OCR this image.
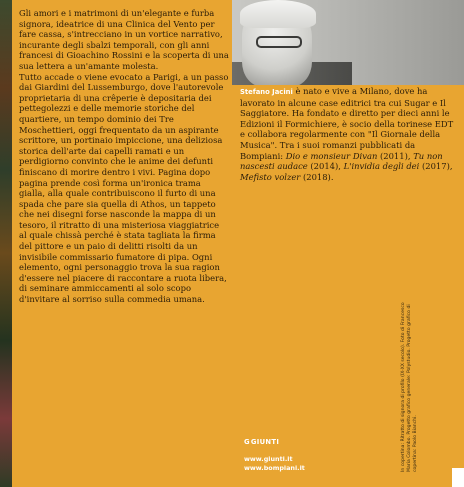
Gli amori e i matrimoni di un'elegante e furba signora, ideatrice di una Clinica del Vento per fare cassa, s'intrecciano in un vortice narrativo, incurante degli sbalzi temporali, con gli anni francesi di Gioachino Rossini e la scoperta di una sua lettera a un'amante molesta.

Tutto accade o viene evocato a Parigi, a un passo dai Giardini del Lussemburgo, dove l'autorevole proprietaria di una crêperie è depositaria dei pettegolezzi e delle memorie storiche del quartiere, un tempo dominio dei Tre Moschettieri, oggi frequentato da un aspirante scrittore, un portinaio impiccione, una deliziosa storica dell'arte dai capelli ramati e un perdigiorno convinto che le anime dei defunti finiscano di morire dentro i vivi. Pagina dopo pagina prende così forma un'ironica trama gialla, alla quale contribuiscono il furto di una spada che pare sia quella di Athos, un tappeto che nei disegni forse nasconde la mappa di un tesoro, il ritratto di una misteriosa viaggiatrice al quale chissà perché è stata tagliata la firma del pittore e un paio di delitti risolti da un invisibile commissario fumatore di pipa. Ogni elemento, ogni personaggio trova la sua ragion d'essere nel piacere di raccontare a ruota libera, di seminare ammiccamenti al solo scopo d'invitare al sorriso sulla commedia umana.

Stefano Jacini è nato e vive a Milano, dove ha lavorato in alcune case editrici tra cui Sugar e Il Saggiatore. Ha fondato e diretto per dieci anni le Edizioni il Formichiere, è socio della torinese EDT e collabora regolarmente con "Il Giornale della Musica". Tra i suoi romanzi pubblicati da Bompiani: Dio e monsieur Divan (2011), Tu non nascesti audace (2014), L'invidia degli dei (2017), Mefisto volzer (2018).

In copertina: Ritratto di signora di profilo (IX-XX secolo). Foto di Francesco Maria Colombo. Progetto grafico generale: Polystudio. Progetto grafico di copertina: Paolo Bianchi.
GGIUNTI
www.giunti.it
www.bompiani.it
